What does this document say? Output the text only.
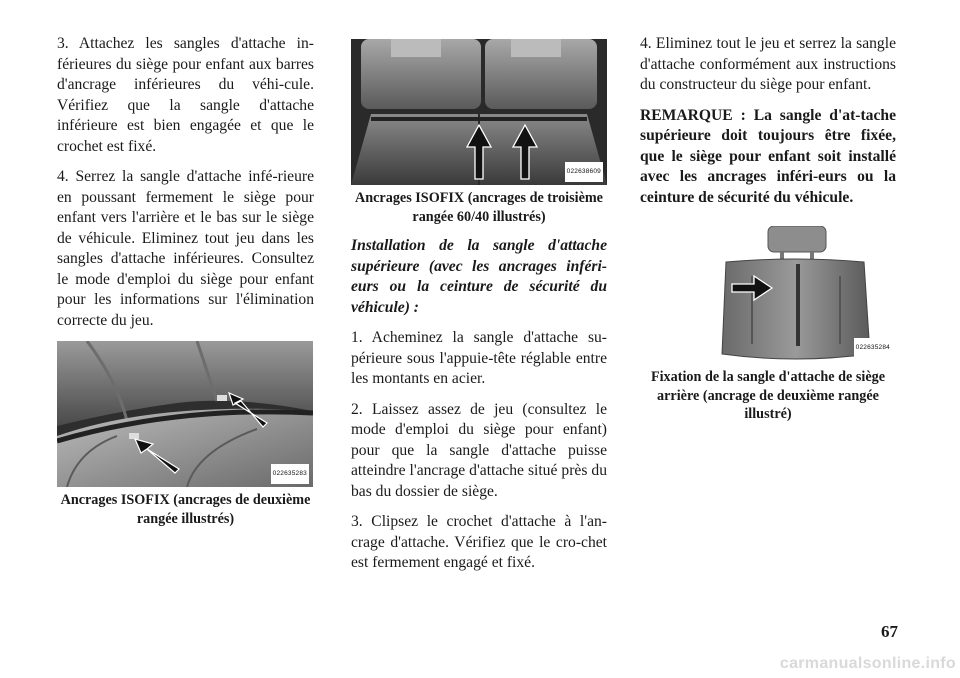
3. Attachez les sangles d'attache in-férieures du siège pour enfant aux barres d'ancrage inférieures du véhi-cule. Vérifiez que la sangle d'attache inférieure est bien engagée et que le crochet est fixé.

4. Serrez la sangle d'attache infé-rieure en poussant fermement le siège pour enfant vers l'arrière et le bas sur le siège de véhicule. Eliminez tout jeu dans les sangles d'attache inférieures. Consultez le mode d'emploi du siège pour enfant pour les informations sur l'élimination correcte du jeu.

022635283
Ancrages ISOFIX (ancrages de deuxième rangée illustrés)
022638609
Ancrages ISOFIX (ancrages de troisième rangée 60/40 illustrés)
Installation de la sangle d'attache supérieure (avec les ancrages inféri-eurs ou la ceinture de sécurité du véhicule) :

1. Acheminez la sangle d'attache su-périeure sous l'appuie-tête réglable entre les montants en acier.

2. Laissez assez de jeu (consultez le mode d'emploi du siège pour enfant) pour que la sangle d'attache puisse atteindre l'ancrage d'attache situé près du bas du dossier de siège.

3. Clipsez le crochet d'attache à l'an-crage d'attache. Vérifiez que le cro-chet est fermement engagé et fixé.

4. Eliminez tout le jeu et serrez la sangle d'attache conformément aux instructions du constructeur du siège pour enfant.

REMARQUE : La sangle d'at-tache supérieure doit toujours être fixée, que le siège pour enfant soit installé avec les ancrages inféri-eurs ou la ceinture de sécurité du véhicule.

022635284
Fixation de la sangle d'attache de siège arrière (ancrage de deuxième rangée illustré)
67
carmanualsonline.info
